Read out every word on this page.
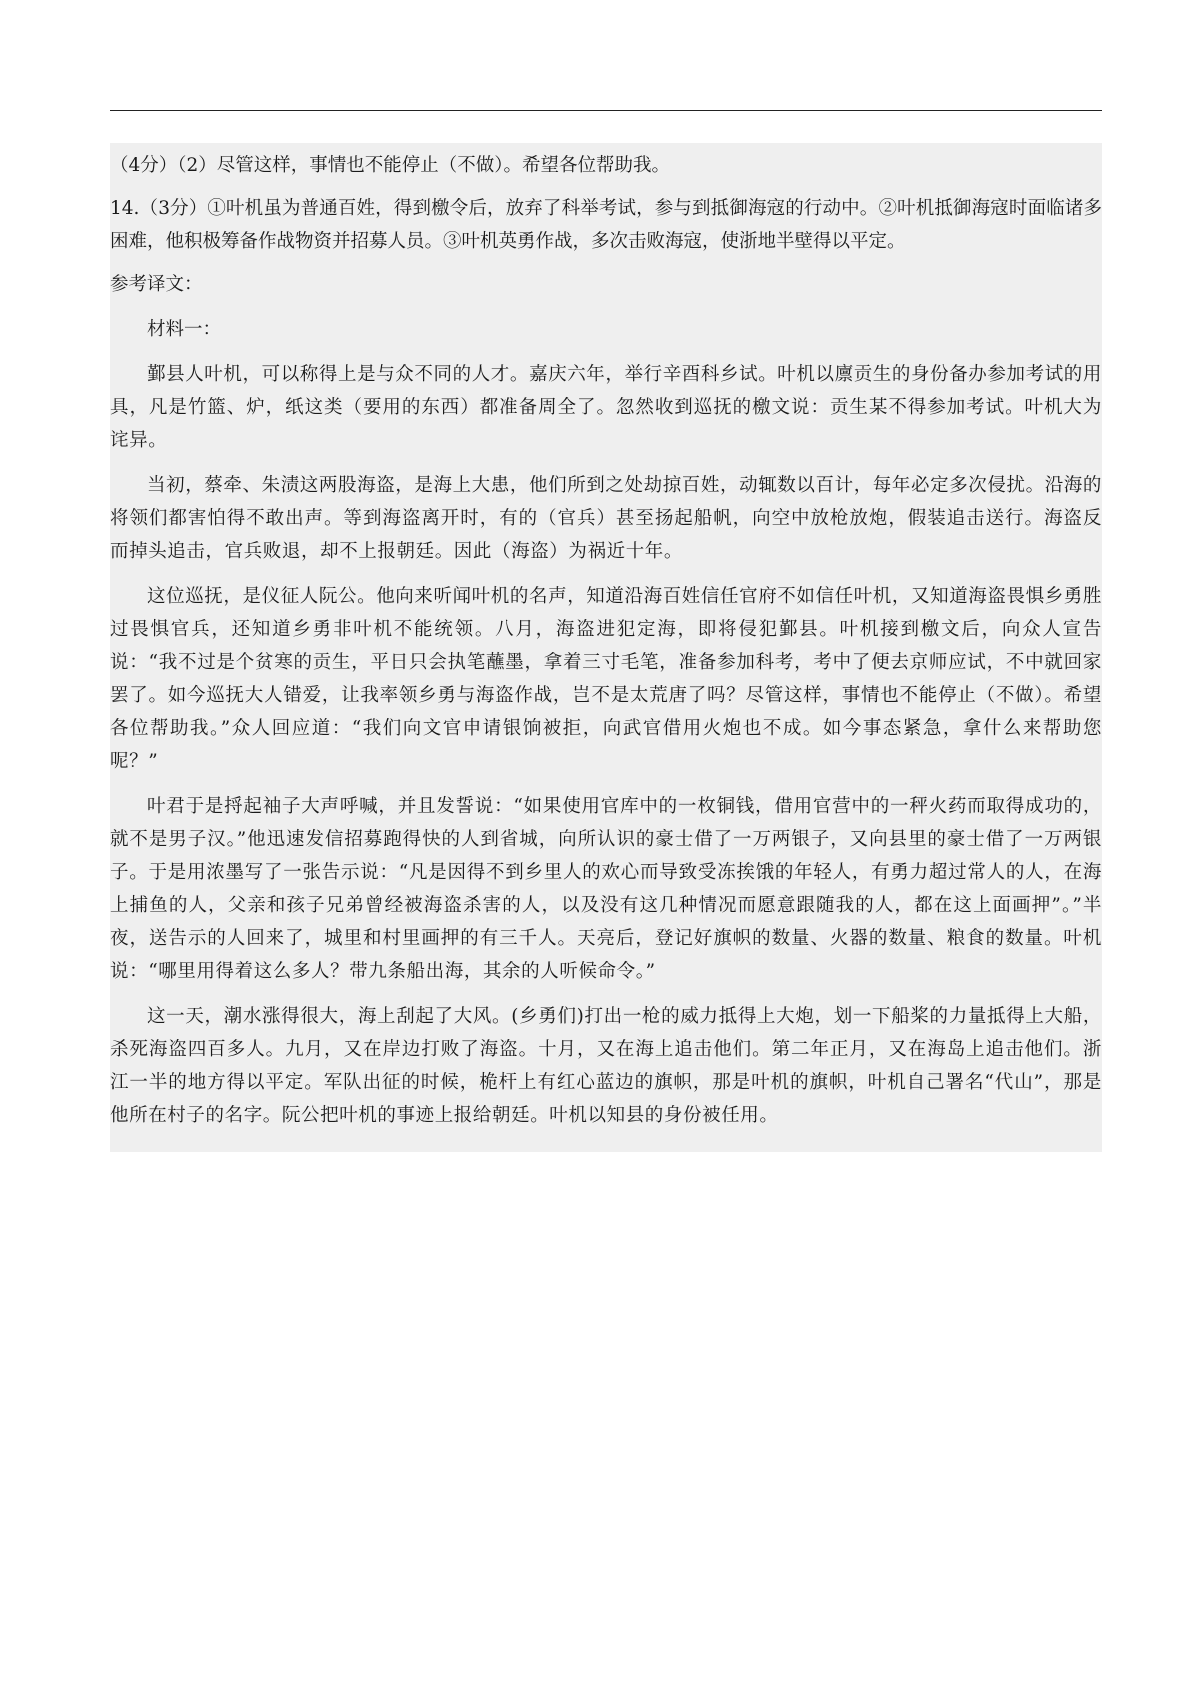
（4分）（2）尽管这样，事情也不能停止（不做）。希望各位帮助我。

14.（3分）①叶机虽为普通百姓，得到檄令后，放弃了科举考试，参与到抵御海寇的行动中。②叶机抵御海寇时面临诸多困难，他积极筹备作战物资并招募人员。③叶机英勇作战，多次击败海寇，使浙地半壁得以平定。

参考译文：

材料一：

鄞县人叶机，可以称得上是与众不同的人才。嘉庆六年，举行辛酉科乡试。叶机以廪贡生的身份备办参加考试的用具，凡是竹篮、炉，纸这类（要用的东西）都准备周全了。忽然收到巡抚的檄文说：贡生某不得参加考试。叶机大为诧异。

当初，蔡牵、朱渍这两股海盗，是海上大患，他们所到之处劫掠百姓，动辄数以百计，每年必定多次侵扰。沿海的将领们都害怕得不敢出声。等到海盗离开时，有的（官兵）甚至扬起船帆，向空中放枪放炮，假装追击送行。海盗反而掉头追击，官兵败退，却不上报朝廷。因此（海盗）为祸近十年。

这位巡抚，是仪征人阮公。他向来听闻叶机的名声，知道沿海百姓信任官府不如信任叶机，又知道海盗畏惧乡勇胜过畏惧官兵，还知道乡勇非叶机不能统领。八月，海盗进犯定海，即将侵犯鄞县。叶机接到檄文后，向众人宣告说：“我不过是个贫寒的贡生，平日只会执笔蘸墨，拿着三寸毛笔，准备参加科考，考中了便去京师应试，不中就回家罢了。如今巡抚大人错爱，让我率领乡勇与海盗作战，岂不是太荒唐了吗？尽管这样，事情也不能停止（不做）。希望各位帮助我。”众人回应道：“我们向文官申请银饷被拒，向武官借用火炮也不成。如今事态紧急，拿什么来帮助您呢？”

叶君于是捋起袖子大声呼喊，并且发誓说：“如果使用官库中的一枚铜钱，借用官营中的一秤火药而取得成功的，就不是男子汉。”他迅速发信招募跑得快的人到省城，向所认识的豪士借了一万两银子，又向县里的豪士借了一万两银子。于是用浓墨写了一张告示说：“凡是因得不到乡里人的欢心而导致受冻挨饿的年轻人，有勇力超过常人的人，在海上捕鱼的人，父亲和孩子兄弟曾经被海盗杀害的人，以及没有这几种情况而愿意跟随我的人，都在这上面画押”。”半夜，送告示的人回来了，城里和村里画押的有三千人。天亮后，登记好旗帜的数量、火器的数量、粮食的数量。叶机说：“哪里用得着这么多人？带九条船出海，其余的人听候命令。”

这一天，潮水涨得很大，海上刮起了大风。(乡勇们)打出一枪的威力抵得上大炮，划一下船桨的力量抵得上大船，杀死海盗四百多人。九月，又在岸边打败了海盗。十月，又在海上追击他们。第二年正月，又在海岛上追击他们。浙江一半的地方得以平定。军队出征的时候，桅杆上有红心蓝边的旗帜，那是叶机的旗帜，叶机自己署名“代山”，那是他所在村子的名字。阮公把叶机的事迹上报给朝廷。叶机以知县的身份被任用。
